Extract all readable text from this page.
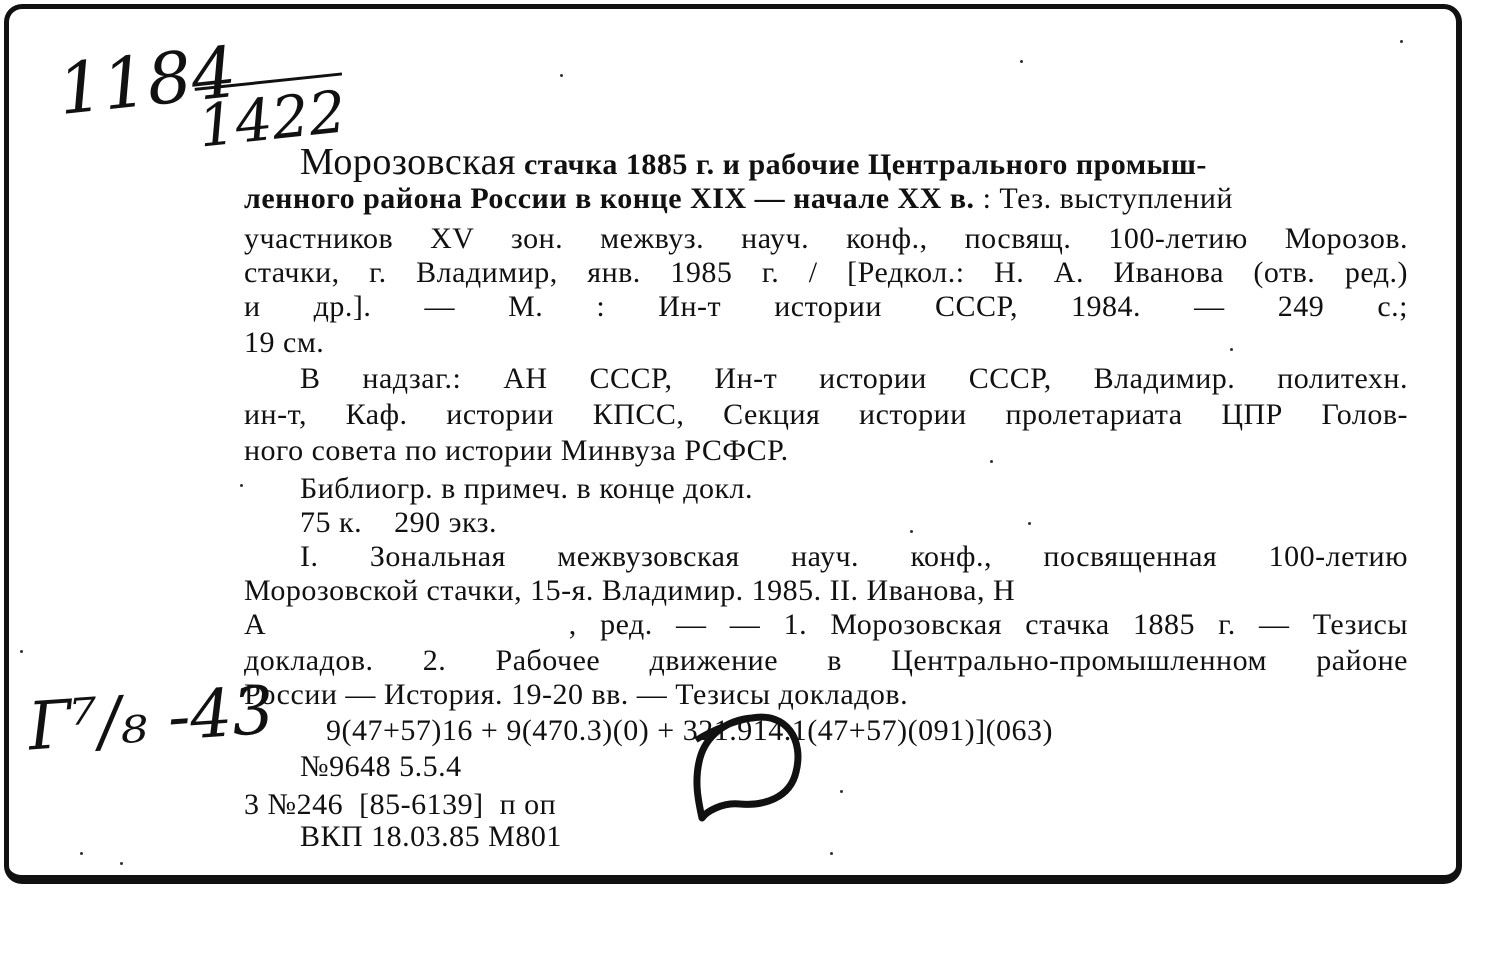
1184
1422
Г⁷/₈ -43
Морозовская стачка 1885 г. и рабочие Центрального промыш-
ленного района России в конце XIX — начале XX в. : Тез. выступлений
участников XV зон. межвуз. науч. конф., посвящ. 100-летию Морозов.
стачки, г. Владимир, янв. 1985 г. / [Редкол.: Н. А. Иванова (отв. ред.)
и др.]. — М. : Ин-т истории СССР, 1984. — 249 с.;
19 см.
В надзаг.: АН СССР, Ин-т истории СССР, Владимир. политехн.
ин-т, Каф. истории КПСС, Секция истории пролетариата ЦПР Голов-
ного совета по истории Минвуза РСФСР.
Библиогр. в примеч. в конце докл.
75 к.    290 экз.
I. Зональная межвузовская науч. конф., посвященная 100-летию
Морозовской стачки, 15-я. Владимир. 1985. II. Иванова, Н
А             , ред. — — 1. Морозовская стачка 1885 г. — Тезисы
докладов. 2. Рабочее движение в Центрально-промышленном районе
России — История. 19-20 вв. — Тезисы докладов.
9(47+57)16 + 9(470.3)(0) + 321.914.1(47+57)(091)](063)
№9648 5.5.4
3 №246  [85-6139]  п оп
ВКП 18.03.85 М801
